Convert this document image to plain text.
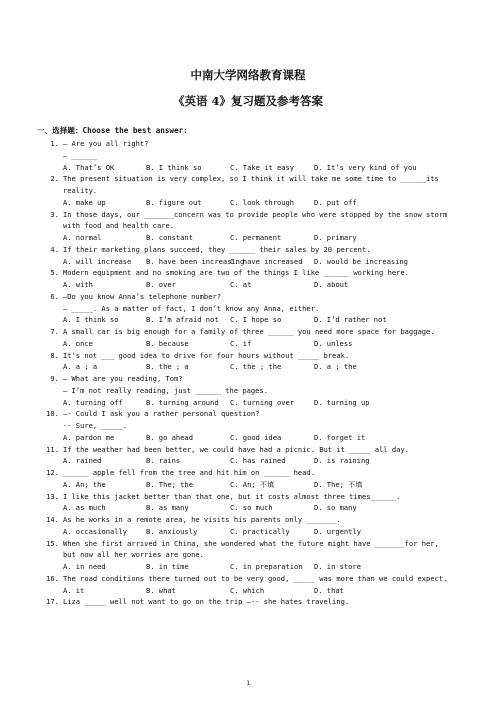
中南大学网络教育课程
《英语 4》复习题及参考答案
一、选择题：Choose the best answer:
1. – Are you all right?
– ______
A. That’s OK	B. I think so	C. Take it easy	D. It’s very kind of you
2. The present situation is very complex, so I think it will take me some time to ______its
reality.
A. make up	B. figure out	C. look through	D. put off
3. In those days, our _______concern was to provide people who were stopped by the snow storm
with food and health care.
A. normal	B. constant	C. permanent	D. primary
4. If their marketing plans succeed, they ______ their sales by 20 percent.
A. will increase B. have been increasing
C. have increased D. would be increasing
5. Modern equipment and no smoking are two of the things I like ______ working here.
A. with	B. over	C. at	D. about
6. –Do you know Anna’s telephone number?
– _____. As a matter of fact, I don’t know any Anna, either.
A. I think so	B. I’m afraid not C. I hope so	D. I’d rather not
7. A small car is big enough for a family of three ______ you need more space for baggage.
A. once	B. because	C. if	D. unless
8. It’s not ___ good idea to drive for four hours without _____ break.
A. a ; a	B. the ; a	C. the ; the	D. a ; the
9. – What are you reading, Tom?
– I’m not really reading, just ______ the pages.
A. turning off	B. turning around C. turning over	D. turning up
10. –- Could I ask you a rather personal question?
-- Sure, _____.
A. pardon me	B. go ahead	C. good idea	D. forget it
11. If the weather had been better, we could have had a picnic. But it _____ all day.
A. rained	B. rains	C. has rained	D. is raining
12. ______ apple fell from the tree and hit him on ______ head.
A. An; the	B. The; the	C. An; 不填	D. The; 不填
13. I like this jacket better than that one, but it costs almost three times______.
A. as much	B. as many	C. so much	D. so many
14. As he works in a remote area, he visits his parents only _______.
A. occasionally	B. anxiously	C. practically	D. urgently
15. When she first arrived in China, she wondered what the future might have _______for her,
but now all her worries are gone.
A. in need	B. in time	C. in preparation D. in store
16. The road conditions there turned out to be very good, _____ was more than we could expect.
A. it	B. what	C. which	D. that
17. Liza _____ well not want to go on the trip –-- she hates traveling.
1
